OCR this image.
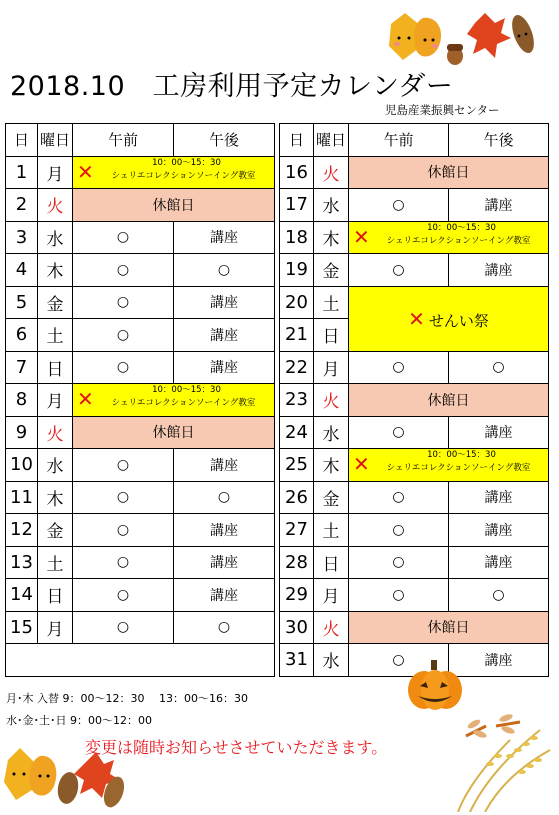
2018.10　工房利用予定カレンダー
児島産業振興センター
日	曜日	午前	午後
1	月	✕ 10：00～15：30
シェリエコレクションソーイング教室	

2	火	休館日	
3	水	○	講座
4	木	○	○
5	金	○	講座
6	土	○	講座
7	日	○	講座
8	月	✕ 10：00～15：30
シェリエコレクションソーイング教室	

9	火	休館日	
10	水	○	講座
11	木	○	○
12	金	○	講座
13	土	○	講座
14	日	○	講座
15	月	○	○

日	曜日	午前	午後
16	火	休館日	
17	水	○	講座
18	木	✕ 10：00～15：30
シェリエコレクションソーイング教室	

19	金	○	講座
20	土	✕ せんい祭	
21	日		
22	月	○	○
23	火	休館日	
24	水	○	講座
25	木	✕ 10：00～15：30
シェリエコレクションソーイング教室	

26	金	○	講座
27	土	○	講座
28	日	○	講座
29	月	○	○
30	火	休館日	
31	水	○	講座
月･木 入替 9：00～12：30　 13：00～16：30
水･金･土･日 9：00～12：00
変更は随時お知らせさせていただきます。
